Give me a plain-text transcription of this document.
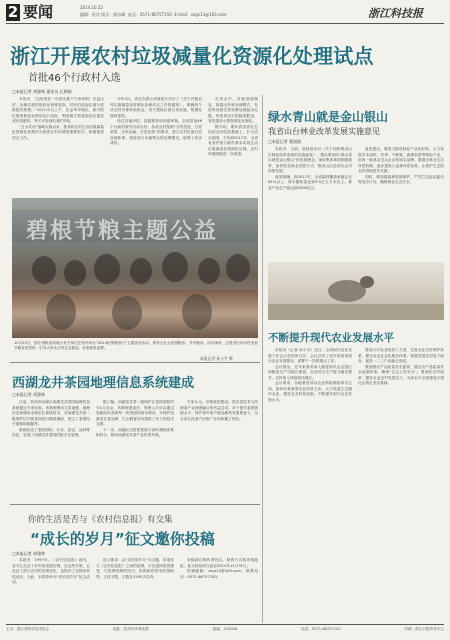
2 要闻	2014.10.22
编辑：杜洋 版式：俞岩峰 电话：0571-86757150 E-mail：zxgs13@163.com	浙江科技报
浙江开展农村垃圾减量化资源化处理试点
首批46个行政村入选
□本报记者 胡建林 通讯员 孔柄刚

本报讯　“这里现在一年到头都干干净净的！在昆山村，处理垃圾的规范化程度较高，村民们说起垃圾分类都很有热情。”10月15日上午，在金华市城区，新兴的垃圾资源化处理站运行良好，利用微生物将厨余垃圾变成有机肥料，每天可处理垃圾约2吨。

“五水共治”战略实施以来，我省将农村生活垃圾减量化资源化处理作为改善农村环境的重要抓手，积极推进试点工作。

今年3月，省农办联合省财政厅出台了《关于开展农村垃圾减量化资源化处理试点工作的通知》，明确每个试点村安排补助资金，用于建设垃圾分类设施、购置处理设备等。

经过各地申报、县级推荐和省级审核，全省首批46个行政村被列为试点村。各试点村按照“分类投放、分类收集、分类运输、分类处理”的要求，建立农村垃圾分类处理体系，探索适合本地特点的处理模式，取得了初步成效。

在试点中，各地因地制宜，探索出多种处理模式，有的采用微生物发酵处理厨余垃圾，有的采用太阳能堆肥房，有的建设小型资源化处理站。

据介绍，明年我省将在总结试点经验的基础上，扩大试点范围，力争到2017年，全省有条件的行政村基本实现生活垃圾减量化资源化处理，农村环境面貌进一步改善。

碧根节粮主题公益
10月13日，浙江省粮食局联合有关单位在杭州举办“2014世界粮食日”主题宣传活动，倡导全社会爱惜粮食、节约粮食。活动现场，志愿者们向市民发放节粮宣传资料，引导大家从日常生活做起，杜绝餐桌浪费。
本报记者 孙小平 摄
西湖龙井茶园地理信息系统建成
□本报记者 胡建林

日前，杭州市西湖区西湖龙井茶园地理信息系统通过专家验收。该系统利用卫星遥感、地理信息系统和全球定位系统技术，对西湖龙井茶一级保护区内的茶园进行精准测绘，建立了茶园电子地图和数据库。

系统收录了茶园面积、分布、茶农、品种等信息，实现了西湖龙井茶园的数字化管理。

据了解，西湖龙井茶一级保护区茶园面积约为1万余亩，该系统建成后，管理人员可以通过电脑实时查看每一块茶园的基本情况，为保护西湖龙井茶品牌、打击假冒伪劣提供了有力的技术支撑。

下一步，西湖区还将把系统与茶叶溯源体系相结合，推动西湖龙井茶产业转型升级。

专家认为，该系统的建成，是信息技术与传统茶产业深度融合的有益尝试，对于提升茶园管理水平、保护茶叶原产地品牌具有重要意义，为全省名优茶产区推广应用积累了经验。

你的生活是否与《农村信息报》有交集
“成长的岁月”征文邀你投稿
□本报记者 胡建林

本报讯　1997年，《农村信息报》创刊，至今已走过十多年的发展历程。在这些年里，它见证了浙江农村的发展变化，也陪伴了无数读者的成长。为此，本报特举办“成长的岁月”征文活动。

征文要求：以“成长的岁月”为主题，讲述你与《农村信息报》之间的故事，可以是读报的感受、与报纸结缘的经历、报纸给你带来的帮助等。文体不限，字数在1500字以内。

来稿请注明作者姓名、联系方式和详细地址。征文时间即日起至2014年12月31日。

投稿邮箱：zxgs13@163.com，联系电话：0571-86757150。

绿水青山就是金山银山
我省山台林业改革发展实施意见
□本报记者 董丽丽

本报讯　日前，省政府出台《关于加快推进山区林业改革发展的实施意见》，提出要坚持“绿水青山就是金山银山”的发展理念，深化集体林权制度改革，加快转变林业发展方式，推动山区经济社会可持续发展。

意见明确，到2017年，全省森林覆盖率稳定在61%以上，林木蓄积量达到3.5亿立方米以上，林业产业总产值达到5000亿元。

意见提出，要着力推进林业产业化经营，大力发展木本油料、竹笋、干鲜果、森林旅游等特色产业，培育一批林业龙头企业和知名品牌。要健全林业生态补偿机制，逐步提高公益林补偿标准，让保护生态的农民得到更多实惠。

同时，要加强森林资源保护，严厉打击乱砍滥伐等违法行为，确保林业生态安全。

不断提升现代农业发展水平

本报讯（记者 孙小平）近日，全省现代农业发展工作会议在杭州召开。会议总结了近年来我省现代农业发展情况，部署下一阶段重点工作。

会议指出，近年来我省深入推进现代农业园区和粮食生产功能区建设，农业综合生产能力稳步提升，农民收入持续较快增长。

会议要求，各地要坚持以农业供给侧改革为主线，加快培育新型农业经营主体，大力发展生态循环农业，推进农业科技创新，不断提升现代农业发展水平。

要加大对农业的投入力度，完善农业支持保护体系，健全农业社会化服务体系，积极发展农村电子商务，促进一二三产业融合发展。

要加强农产品质量安全监管，健全农产品质量安全追溯体系，确保“舌尖上的安全”。要深化农村改革，激发农业农村发展活力，为高水平全面建成小康社会奠定坚实基础。

主办：浙江省科学技术协会	地址：杭州市环城北路	邮编：310006	电话：0571-86757150	印刷：浙江日报印务中心
